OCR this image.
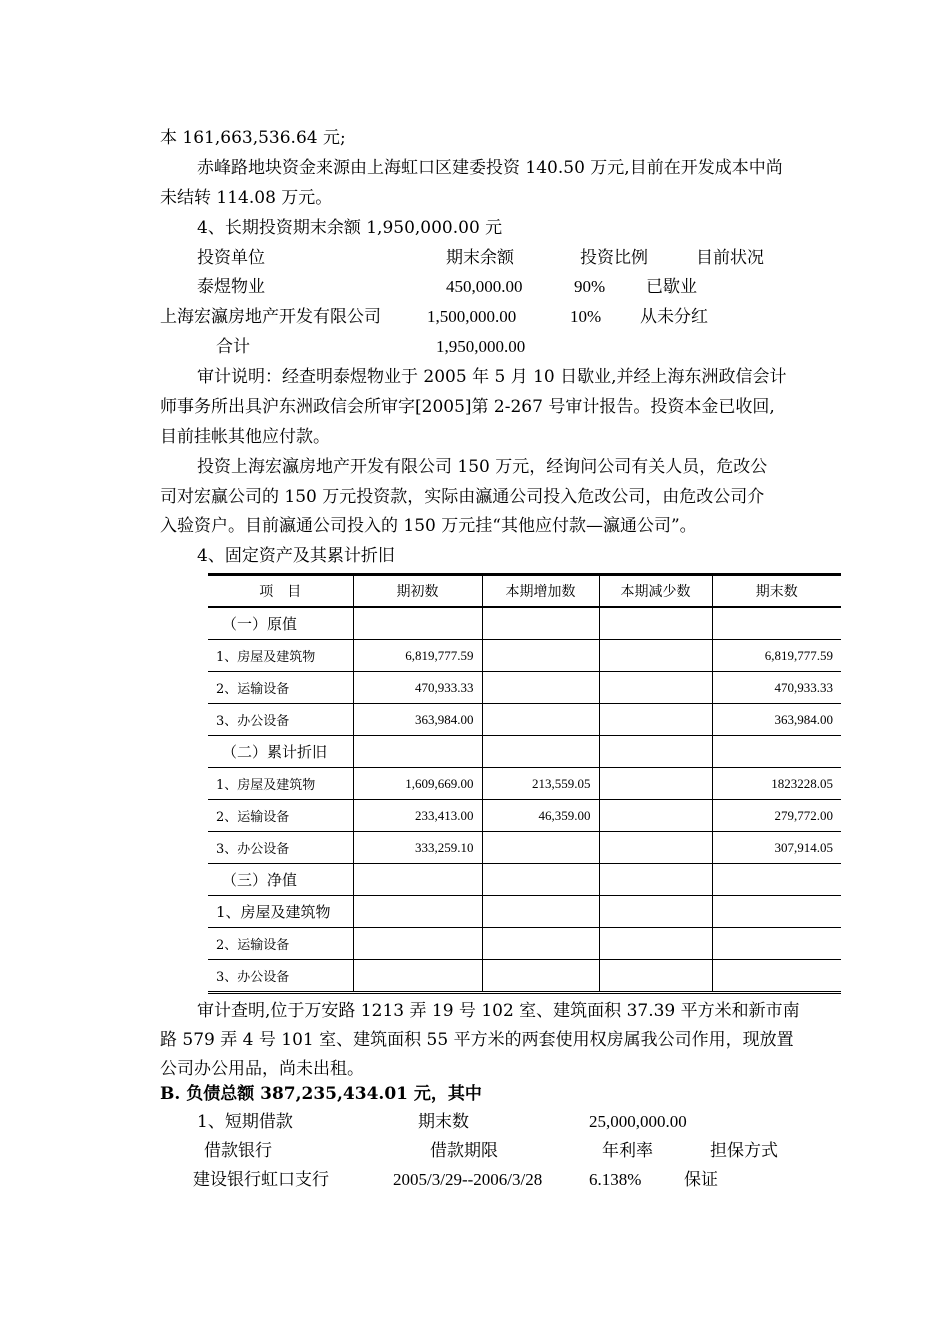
本 161,663,536.64 元;
赤峰路地块资金来源由上海虹口区建委投资 140.50 万元,目前在开发成本中尚
未结转 114.08 万元。
4、长期投资期末余额 1,950,000.00 元
投资单位	期末余额	投资比例	目前状况
泰煜物业	450,000.00	90% 已歇业
上海宏瀛房地产开发有限公司	1,500,000.00	10% 从未分红
合计	1,950,000.00
审计说明：经查明泰煜物业于 2005 年 5 月 10 日歇业,并经上海东洲政信会计
师事务所出具沪东洲政信会所审字[2005]第 2-267 号审计报告。投资本金已收回,
目前挂帐其他应付款。
投资上海宏瀛房地产开发有限公司 150 万元，经询问公司有关人员，危改公
司对宏赢公司的 150 万元投资款，实际由瀛通公司投入危改公司，由危改公司介
入验资户。目前瀛通公司投入的 150 万元挂“其他应付款—瀛通公司”。
4、固定资产及其累计折旧
项　目	期初数	本期增加数	本期减少数	期末数
（一）原值				
1、房屋及建筑物	6,819,777.59			6,819,777.59
2、运输设备	470,933.33			470,933.33
3、办公设备	363,984.00			363,984.00
（二）累计折旧				
1、房屋及建筑物	1,609,669.00	213,559.05		1823228.05
2、运输设备	233,413.00	46,359.00		279,772.00
3、办公设备	333,259.10			307,914.05
（三）净值				
1、房屋及建筑物				
2、运输设备				
3、办公设备				
审计查明,位于万安路 1213 弄 19 号 102 室、建筑面积 37.39 平方米和新市南
路 579 弄 4 号 101 室、建筑面积 55 平方米的两套使用权房属我公司作用，现放置
公司办公用品，尚未出租。
B. 负债总额 387,235,434.01 元，其中
1、短期借款	期末数	25,000,000.00
借款银行	借款期限	年利率	担保方式
建设银行虹口支行	2005/3/29--2006/3/28	6.138%	保证
